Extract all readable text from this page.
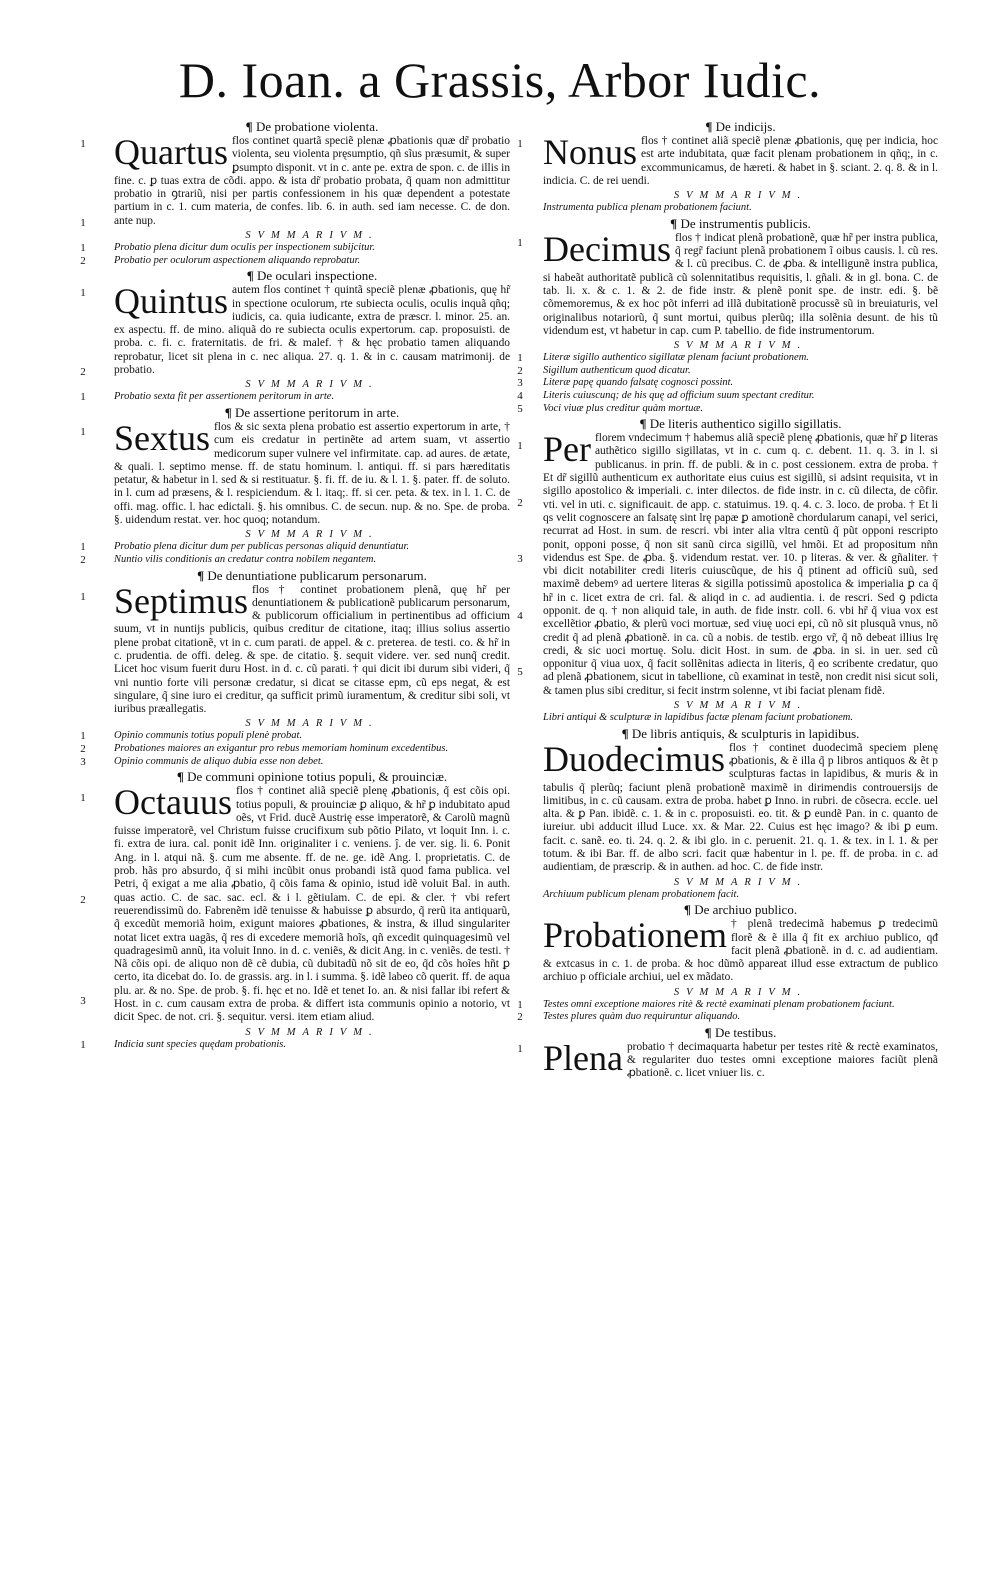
D. Ioan. a Grassis, Arbor Iudic.
¶ De probatione violenta.
1
1
Quartus flos continet quartã speciẽ plenæ ꝓbationis quæ dr̃ probatio violenta, seu violenta pręsumptio, qñ sĩus præsumit, & super ꝑsumpto disponit. vt in c. ante pe. extra de spon. c. de illis in fine. c. ꝑ tuas extra de cõdi. appo. & ista dr̃ probatio probata, q̃ quam non admittitur probatio in ꝯtrariũ, nisi per partis confessionem in his quæ dependent a potestate partium in c. 1. cum materia, de confes. lib. 6. in auth. sed iam necesse. C. de don. ante nup.
SVMMARIVM.
1	Probatio plena dicitur dum oculis per inspectionem subijcitur.
2	Probatio per oculorum aspectionem aliquando reprobatur.
¶ De oculari inspectione.
1
2
Quintus autem flos continet † quintã speciẽ plenæ ꝓbationis, quę hr̃ in spectione oculorum, rte subiecta oculis, oculis inquã qñq; iudicis, ca. quia iudicante, extra de præscr. l. minor. 25. an. ex aspectu. ff. de mino. aliquã do re subiecta oculis expertorum. cap. proposuisti. de proba. c. fi. c. fraternitatis. de fri. & malef. † & hęc probatio tamen aliquando reprobatur, licet sit plena in c. nec aliqua. 27. q. 1. & in c. causam matrimonij. de probatio.
SVMMARIVM.
1	Probatio sexta fit per assertionem peritorum in arte.
¶ De assertione peritorum in arte.
1 Sextus flos & sic sexta plena probatio est assertio expertorum in arte, † cum eis credatur in pertinẽte ad artem suam, vt assertio medicorum super vulnere vel infirmitate. cap. ad aures. de ætate, & quali. l. septimo mense. ff. de statu hominum. l. antiqui. ff. si pars hæreditatis petatur, & habetur in l. sed & si restituatur. §. fi. ff. de iu. & l. 1. §. pater. ff. de soluto. in l. cum ad præsens, & l. respiciendum. & l. itaq;. ff. si cer. peta. & tex. in l. 1. C. de offi. mag. offic. l. hac edictali. §. his omnibus. C. de secun. nup. & no. Spe. de proba. §. uidendum restat. ver. hoc quoq; notandum.
SVMMARIVM.
1	Probatio plena dicitur dum per publicas personas aliquid denuntiatur.
2	Nuntio vilis conditionis an credatur contra nobilem negantem.
¶ De denuntiatione publicarum personarum.
1 Septimus flos † continet probationem plenã, quę hr̃ per denuntiationem & publicationẽ publicarum personarum, & publicorum officialium in pertinentibus ad officium suum, vt in nuntijs publicis, quibus creditur de citatione, itaq; illius solius assertio plene probat citationẽ, vt in c. cum parati. de appel. & c. preterea. de testi. co. & hr̃ in c. prudentia. de offi. deleg. & spe. de citatio. §. sequit videre. ver. sed nunq̃ credit. Licet hoc visum fuerit duru Host. in d. c. cũ parati. † qui dicit ibi durum sibi videri, q̃ vni nuntio forte vili personæ credatur, si dicat se citasse epm, cũ eps negat, & est singulare, q̃ sine iuro ei creditur, qa sufficit primũ iuramentum, & creditur sibi soli, vt iuribus præallegatis.
SVMMARIVM.
1	Opinio communis totius populi plenè probat.
2	Probationes maiores an exigantur pro rebus memoriam hominum excedentibus.
3	Opinio communis de aliquo dubia esse non debet.
¶ De communi opinione totius populi, & prouinciæ.
1
2
3
Octauus flos † continet aliã speciẽ plenę ꝓbationis, q̃ est cõis opi. totius populi, & prouinciæ ꝑ aliquo, & hr̃ ꝑ indubitato apud oẽs, vt Frid. ducẽ Austrię esse imperatorẽ, & Carolũ magnũ fuisse imperatorẽ, vel Christum fuisse crucifixum sub põtio Pilato, vt loquit Inn. i. c. fi. extra de iura. cal. ponit idẽ Inn. originaliter i c. veniens. ĵ. de ver. sig. li. 6. Ponit Ang. in l. atqui nã. §. cum me absente. ff. de ne. ge. idẽ Ang. l. proprietatis. C. de prob. hãs pro absurdo, q̃ si mihi incũbit onus probandi istã quod fama publica. vel Petri, q̃ exigat a me alia ꝓbatio, q̃ cõis fama & opinio, istud idẽ voluit Bal. in auth. quas actio. C. de sac. sac. ecl. & i l. gẽtiulam. C. de epi. & cler. † vbi refert reuerendissimũ do. Fabrenẽm idẽ tenuisse & habuisse ꝑ absurdo, q̃ rerũ ita antiquarũ, q̃ excedũt memoriã hoim, exigunt maiores ꝓbationes, & instra, & illud singulariter notat licet extra uagãs, q̃ res di excedere memoriã hoĩs, qñ excedit quinquagesimũ vel quadragesimũ annũ, ita voluit Inno. in d. c. veniẽs, & dicit Ang. in c. veniẽs. de testi. † Nã cõis opi. de aliquo non dẽ cẽ dubia, cũ dubitadũ nõ sit de eo, q̃d cõs hoĩes hñt ꝑ certo, ita dicebat do. Io. de grassis. arg. in l. i summa. §. idẽ labeo cõ querit. ff. de aqua plu. ar. & no. Spe. de prob. §. fi. hęc et no. Idẽ et tenet Io. an. & nisi fallar ibi refert & Host. in c. cum causam extra de proba. & differt ista communis opinio a notorio, vt dicit Spec. de not. cri. §. sequitur. versi. item etiam aliud.
SVMMARIVM.
1	Indicia sunt species quędam probationis.
¶ De indicijs.
1 Nonus flos † continet aliã speciẽ plenæ ꝓbationis, quę per indicia, hoc est arte indubitata, quæ facit plenam probationem in qñq;, in c. excommunicamus, de hæreti. & habet in §. sciant. 2. q. 8. & in l. indicia. C. de rei uendi.
SVMMARIVM.
Instrumenta publica plenam probationem faciunt.
¶ De instrumentis publicis.
1 Decimus flos † indicat plenã probationẽ, quæ hr̃ per instra publica, q̃ regr̃ faciunt plenã probationem ĩ oibus causis. l. cũ res. & l. cũ precibus. C. de ꝓba. & intelligunẽ instra publica, si habeãt authoritatẽ publicã cũ solennitatibus requisitis, l. gñali. & in gl. bona. C. de tab. li. x. & c. 1. & 2. de fide instr. & plenẽ ponit spe. de instr. edi. §. bẽ cõmemoremus, & ex hoc põt inferri ad illã dubitationẽ procussẽ sũ in breuiaturis, vel originalibus notariorũ, q̃ sunt mortui, quibus plerũq; illa solẽnia desunt. de his tũ videndum est, vt habetur in cap. cum P. tabellio. de fide instrumentorum.
SVMMARIVM.
1	Literæ sigillo authentico sigillatæ plenam faciunt probationem.
2	Sigillum authenticum quod dicatur.
3	Literæ papę quando falsatę cognosci possint.
4	Literis cuiuscunq; de his quę ad officium suum spectant creditur.
5	Voci viuæ plus creditur quàm mortuæ.
¶ De literis authentico sigillo sigillatis.
1
2
3
4
5
Per florem vndecimum † habemus aliã speciẽ plenę ꝓbationis, quæ hr̃ ꝑ literas authẽtico sigillo sigillatas, vt in c. cum q. c. debent. 11. q. 3. in l. si publicanus. in prin. ff. de publi. & in c. post cessionem. extra de proba. † Et dr̃ sigillũ authenticum ex authoritate eius cuius est sigillũ, si adsint requisita, vt in sigillo apostolico & imperiali. c. inter dilectos. de fide instr. in c. cũ dilecta, de cõfir. vti. vel in uti. c. significauit. de app. c. statuimus. 19. q. 4. c. 3. loco. de proba. † Et li qs velit cognoscere an falsatę sint lrę papæ ꝑ amotionẽ chordularum canapi, vel serici, recurrat ad Host. in sum. de rescri. vbi inter alia vltra centũ q̃ pũt opponi rescripto ponit, opponi posse, q̃ non sit sanũ circa sigillũ, vel hmõi. Et ad propositum nñn videndus est Spe. de ꝓba. §. videndum restat. ver. 10. p literas. & ver. & gñaliter. † vbi dicit notabiliter credi literis cuiuscũque, de his q̃ ptinent ad officiũ suũ, sed maximẽ debemꝰ ad uertere literas & sigilla potissimũ apostolica & imperialia ꝑ ca q̃ hr̃ in c. licet extra de cri. fal. & aliqd in c. ad audientia. i. de rescri. Sed ꝯ pdicta opponit. de q. † non aliquid tale, in auth. de fide instr. coll. 6. vbi hr̃ q̃ viua vox est excellẽtior ꝓbatio, & plerũ voci mortuæ, sed viuę uoci epi, cũ nõ sit plusquã vnus, nõ credit q̃ ad plenã ꝓbationẽ. in ca. cũ a nobis. de testib. ergo vr̃, q̃ nõ debeat illius lrę credi, & sic uoci mortuę. Solu. dicit Host. in sum. de ꝓba. in si. in uer. sed cũ opponitur q̃ viua uox, q̃ facit sollẽnitas adiecta in literis, q̃ eo scribente credatur, quo ad plenã ꝓbationem, sicut in tabellione, cũ examinat in testẽ, non credit nisi sicut soli, & tamen plus sibi creditur, si fecit instrm solenne, vt ibi faciat plenam fidẽ.
SVMMARIVM.
Libri antiqui & sculpturæ in lapidibus factæ plenam faciunt probationem.
¶ De libris antiquis, & sculpturis in lapidibus.
Duodecimus flos † continet duodecimã speciem plenę ꝓbationis, & ẽ illa q̃ p libros antiquos & ẽt p sculpturas factas in lapidibus, & muris & in tabulis q̃ plerũq; faciunt plenã probationẽ maximẽ in dirimendis controuersijs de limitibus, in c. cũ causam. extra de proba. habet ꝑ Inno. in rubri. de cõsecra. eccle. uel alta. & ꝑ Pan. ibidẽ. c. 1. & in c. proposuisti. eo. tit. & ꝑ eundẽ Pan. in c. quanto de iureiur. ubi adducit illud Luce. xx. & Mar. 22. Cuius est hęc imago? & ibi ꝑ eum. facit. c. sanẽ. eo. ti. 24. q. 2. & ibi glo. in c. peruenit. 21. q. 1. & tex. in l. 1. & per totum. & ibi Bar. ff. de albo scri. facit quæ habentur in l. pe. ff. de proba. in c. ad audientiam, de præscrip. & in authen. ad hoc. C. de fide instr.
SVMMARIVM.
Archiuum publicum plenam probationem facit.
¶ De archiuo publico.
Probationem † plenã tredecimã habemus ꝑ tredecimũ florẽ & ẽ illa q̃ fit ex archiuo publico, qđ facit plenã ꝓbationẽ. in d. c. ad audientiam. & extcasus in c. 1. de proba. & hoc dũmõ appareat illud esse extractum de publico archiuo p officiale archiui, uel ex mãdato.
SVMMARIVM.
1	Testes omni exceptione maiores ritè & rectè examinati plenam probationem faciunt.
2	Testes plures quàm duo requiruntur aliquando.
¶ De testibus.
1 Plena probatio † decimaquarta habetur per testes ritè & rectè examinatos, & regulariter duo testes omni exceptione maiores faciũt plenã ꝓbationẽ. c. licet vniuer lis. c.
